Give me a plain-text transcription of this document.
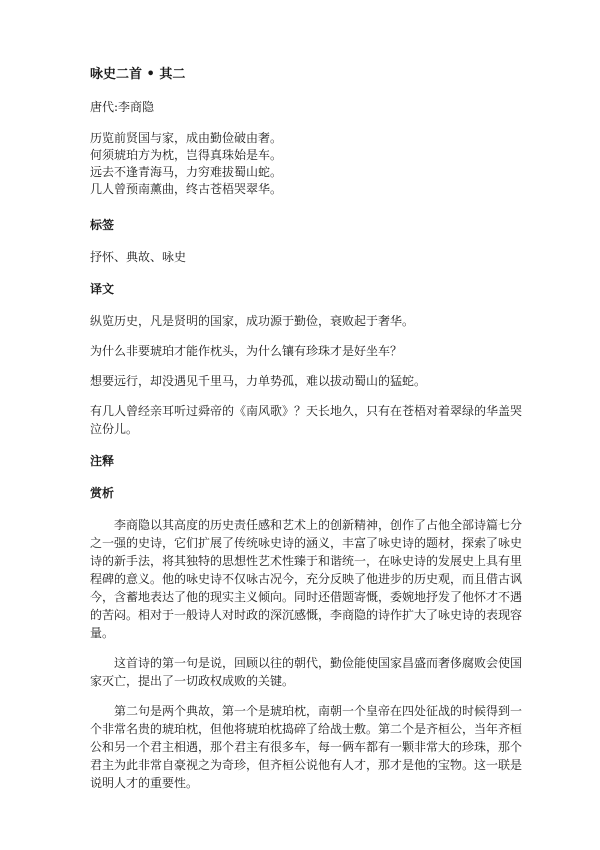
咏史二首 • 其二
唐代:李商隐

历览前贤国与家，成由勤俭破由奢。

何须琥珀方为枕，岂得真珠始是车。

远去不逢青海马，力穷难拔蜀山蛇。

几人曾预南薰曲，终古苍梧哭翠华。

标签
抒怀、典故、咏史
译文

纵览历史，凡是贤明的国家，成功源于勤俭，衰败起于奢华。

为什么非要琥珀才能作枕头，为什么镶有珍珠才是好坐车？

想要远行，却没遇见千里马，力单势孤，难以拔动蜀山的猛蛇。

有几人曾经亲耳听过舜帝的《南风歌》？天长地久，只有在苍梧对着翠绿的华盖哭泣份儿。

注释
赏析

李商隐以其高度的历史责任感和艺术上的创新精神，创作了占他全部诗篇七分之一强的史诗，它们扩展了传统咏史诗的涵义，丰富了咏史诗的题材，探索了咏史诗的新手法，将其独特的思想性艺术性臻于和谐统一，在咏史诗的发展史上具有里程碑的意义。他的咏史诗不仅咏古况今，充分反映了他进步的历史观，而且借古讽今，含蓄地表达了他的现实主义倾向。同时还借题寄慨，委婉地抒发了他怀才不遇的苦闷。相对于一般诗人对时政的深沉感慨，李商隐的诗作扩大了咏史诗的表现容量。

这首诗的第一句是说，回顾以往的朝代，勤俭能使国家昌盛而奢侈腐败会使国家灭亡，提出了一切政权成败的关键。

第二句是两个典故，第一个是琥珀枕，南朝一个皇帝在四处征战的时候得到一个非常名贵的琥珀枕，但他将琥珀枕捣碎了给战士敷。第二个是齐桓公，当年齐桓公和另一个君主相遇，那个君主有很多车，每一俩车都有一颗非常大的珍珠，那个君主为此非常自豪视之为奇珍，但齐桓公说他有人才，那才是他的宝物。这一联是说明人才的重要性。
